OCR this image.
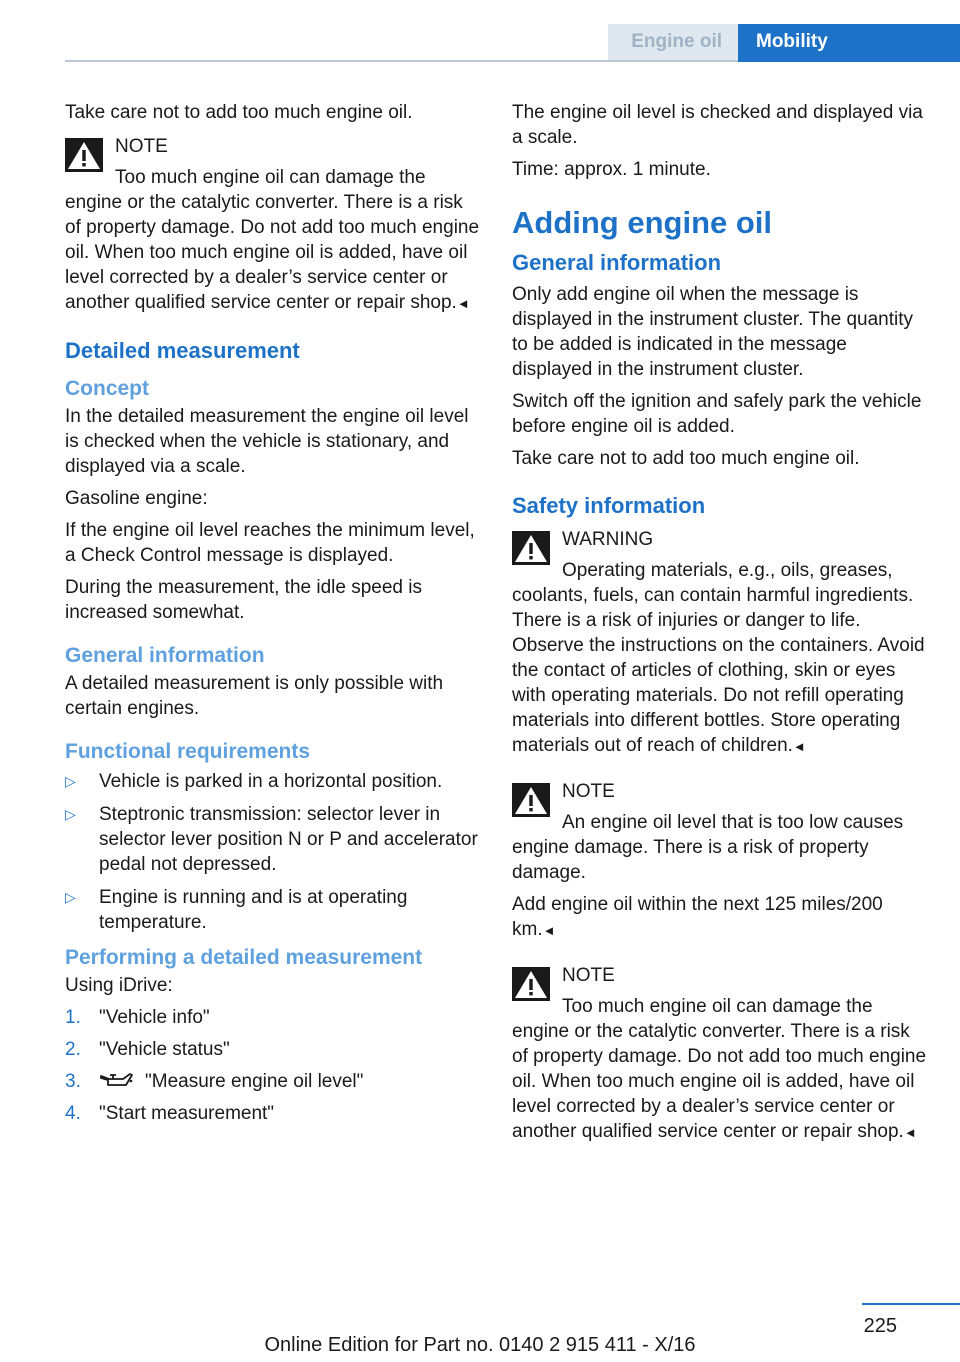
Engine oil Mobility

Take care not to add too much engine oil.

NOTE

Too much engine oil can damage the engine or the catalytic converter. There is a risk of property damage. Do not add too much engine oil. When too much engine oil is added, have oil level corrected by a dealer’s service center or another qualified service center or repair shop.◄

Detailed measurement
Concept

In the detailed measurement the engine oil level is checked when the vehicle is stationary, and displayed via a scale.

Gasoline engine:

If the engine oil level reaches the minimum level, a Check Control message is displayed.

During the measurement, the idle speed is increased somewhat.

General information

A detailed measurement is only possible with certain engines.

Functional requirements
▷ Vehicle is parked in a horizontal position.
▷ Steptronic transmission: selector lever in selector lever position N or P and accelerator pedal not depressed.
▷ Engine is running and is at operating temperature.
Performing a detailed measurement

Using iDrive:

1. "Vehicle info"
2. "Vehicle status"
3.	"Measure engine oil level"
4. "Start measurement"

The engine oil level is checked and displayed via a scale.

Time: approx. 1 minute.

Adding engine oil
General information

Only add engine oil when the message is displayed in the instrument cluster. The quantity to be added is indicated in the message displayed in the instrument cluster.

Switch off the ignition and safely park the vehicle before engine oil is added.

Take care not to add too much engine oil.

Safety information
WARNING

Operating materials, e.g., oils, greases, coolants, fuels, can contain harmful ingredients. There is a risk of injuries or danger to life. Observe the instructions on the containers. Avoid the contact of articles of clothing, skin or eyes with operating materials. Do not refill operating materials into different bottles. Store operating materials out of reach of children.◄

NOTE

An engine oil level that is too low causes engine damage. There is a risk of property damage.

Add engine oil within the next 125 miles/200 km.◄

NOTE

Too much engine oil can damage the engine or the catalytic converter. There is a risk of property damage. Do not add too much engine oil. When too much engine oil is added, have oil level corrected by a dealer’s service center or another qualified service center or repair shop.◄

225
Online Edition for Part no. 0140 2 915 411 - X/16
